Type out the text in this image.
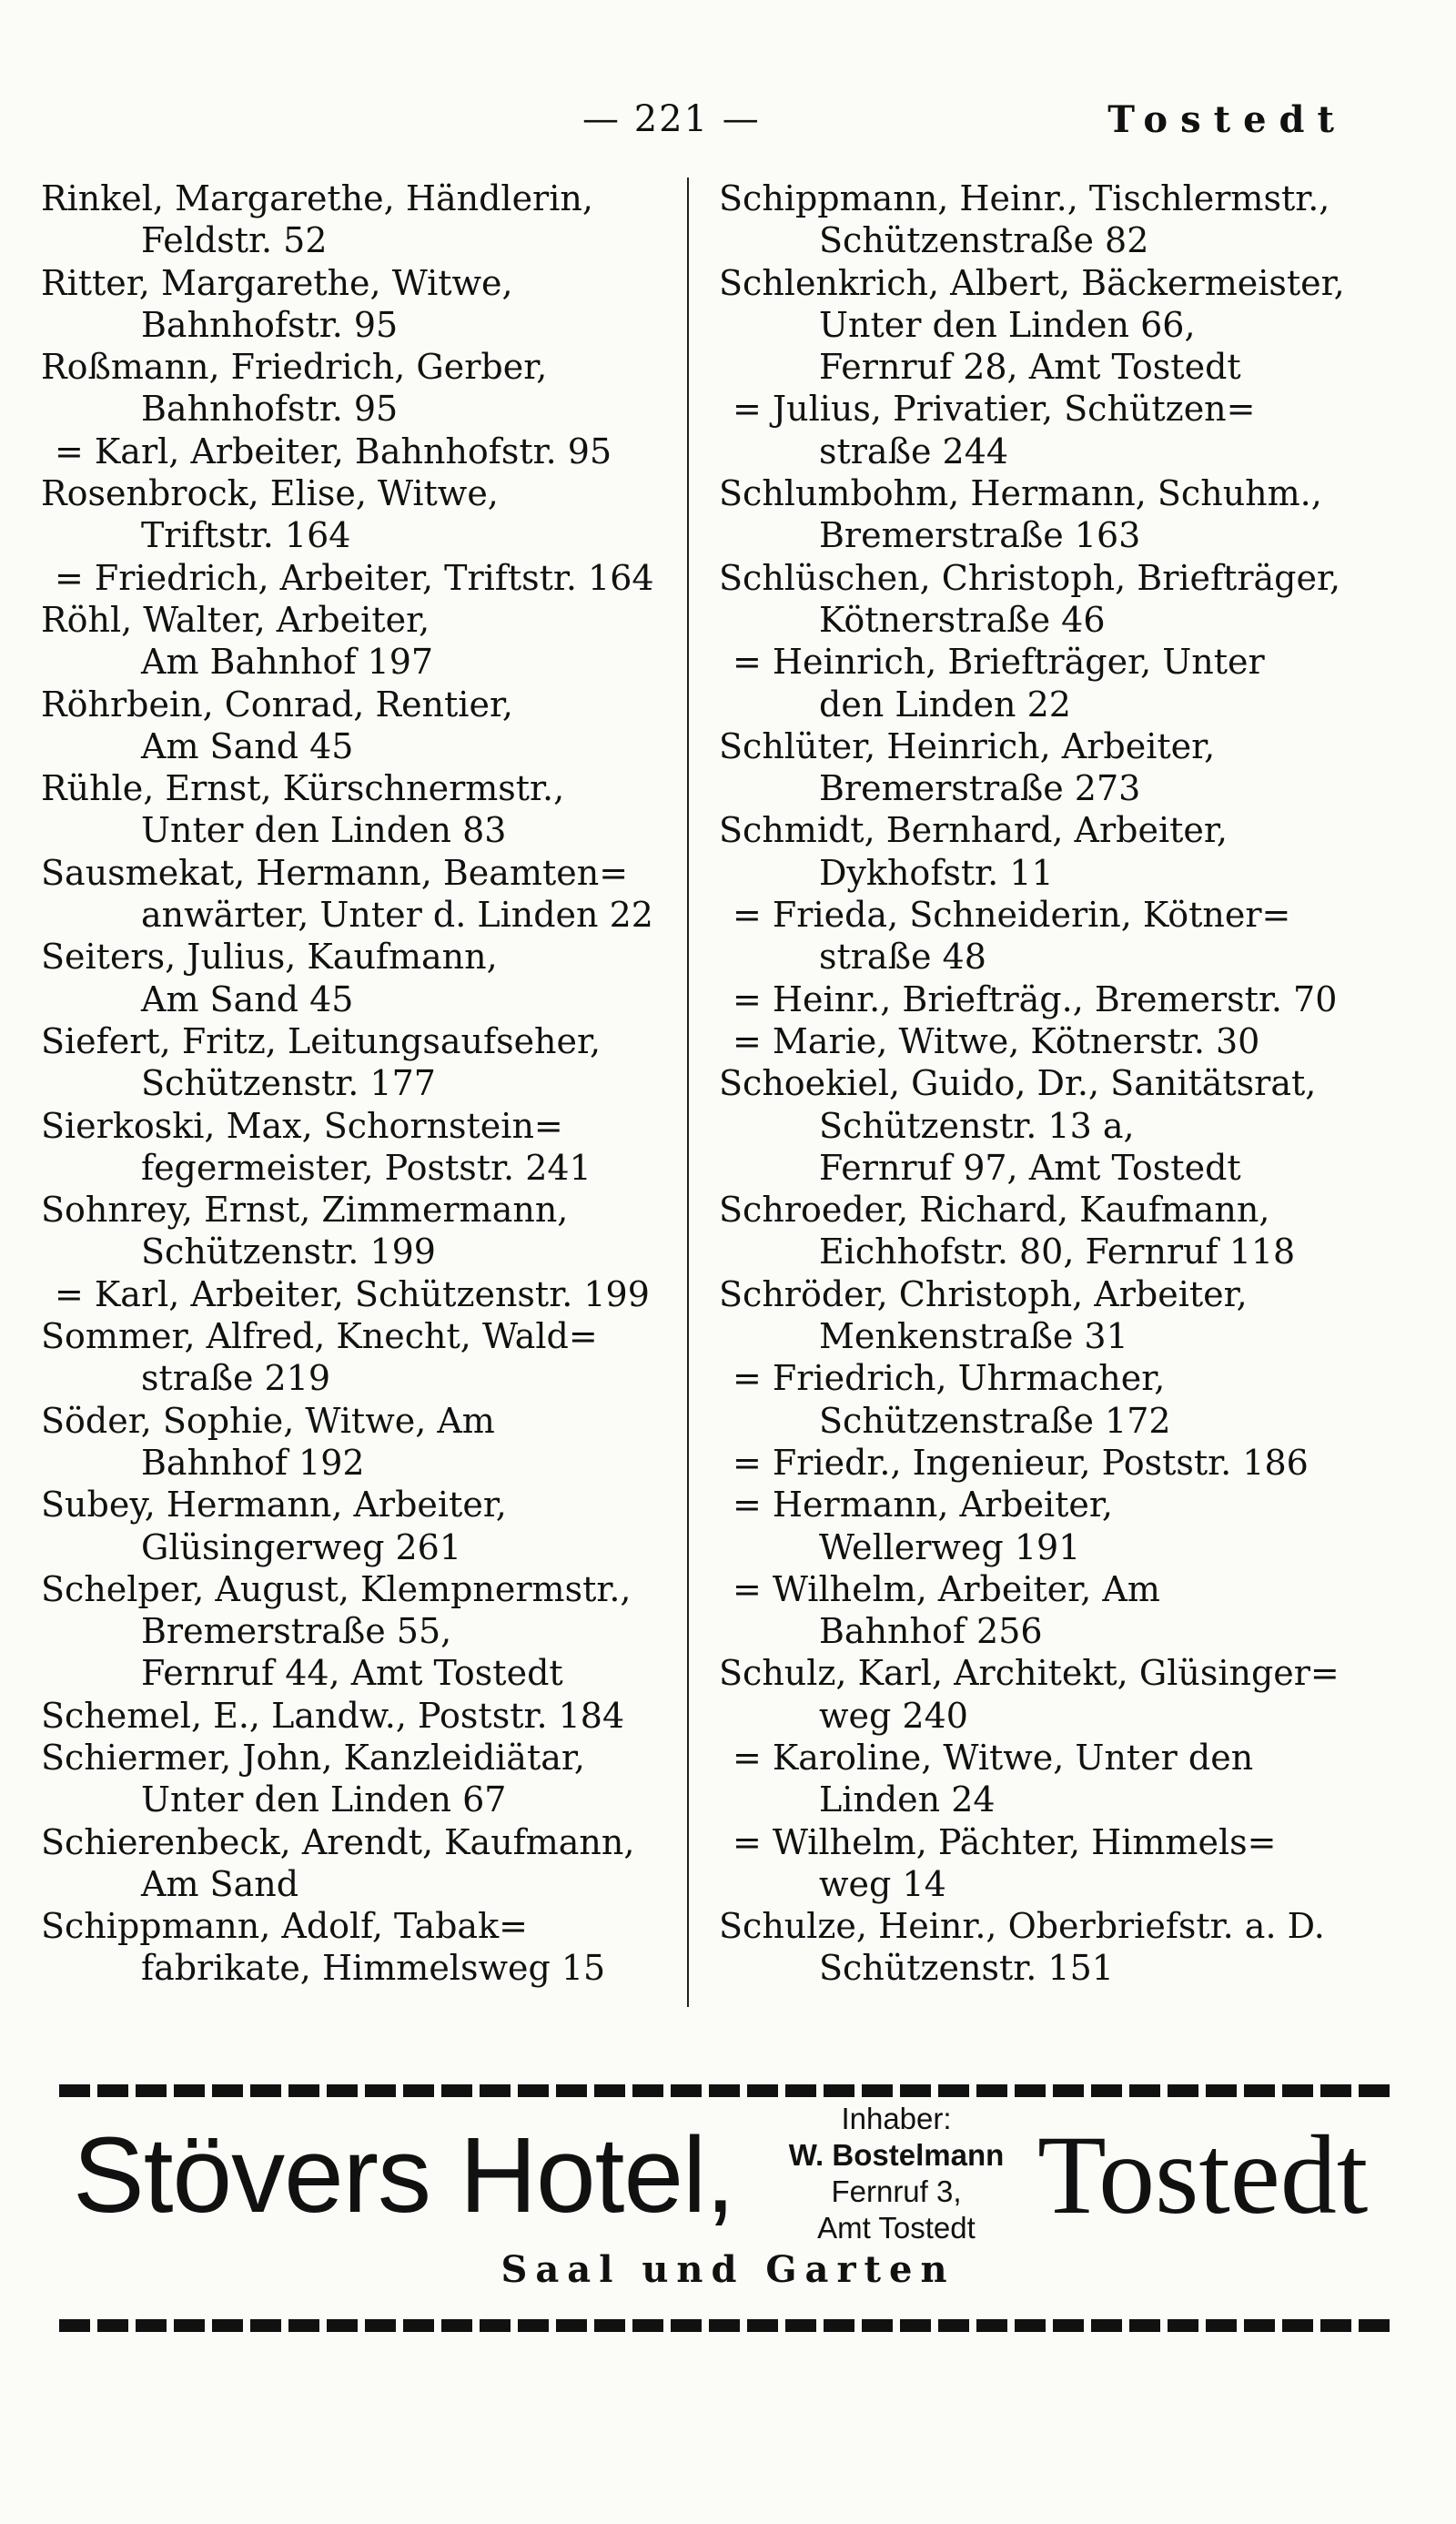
— 221 —	Tostedt
Rinkel, Margarethe, Händlerin,
Feldstr. 52
Ritter, Margarethe, Witwe,
Bahnhofstr. 95
Roßmann, Friedrich, Gerber,
Bahnhofstr. 95
= Karl, Arbeiter, Bahnhofstr. 95
Rosenbrock, Elise, Witwe,
Triftstr. 164
= Friedrich, Arbeiter, Triftstr. 164
Röhl, Walter, Arbeiter,
Am Bahnhof 197
Röhrbein, Conrad, Rentier,
Am Sand 45
Rühle, Ernst, Kürschnermstr.,
Unter den Linden 83
Sausmekat, Hermann, Beamten=
anwärter, Unter d. Linden 22
Seiters, Julius, Kaufmann,
Am Sand 45
Siefert, Fritz, Leitungsaufseher,
Schützenstr. 177
Sierkoski, Max, Schornstein=
fegermeister, Poststr. 241
Sohnrey, Ernst, Zimmermann,
Schützenstr. 199
= Karl, Arbeiter, Schützenstr. 199
Sommer, Alfred, Knecht, Wald=
straße 219
Söder, Sophie, Witwe, Am
Bahnhof 192
Subey, Hermann, Arbeiter,
Glüsingerweg 261
Schelper, August, Klempnermstr.,
Bremerstraße 55,
Fernruf 44, Amt Tostedt
Schemel, E., Landw., Poststr. 184
Schiermer, John, Kanzleidiätar,
Unter den Linden 67
Schierenbeck, Arendt, Kaufmann,
Am Sand
Schippmann, Adolf, Tabak=
fabrikate, Himmelsweg 15
Schippmann, Heinr., Tischlermstr.,
Schützenstraße 82
Schlenkrich, Albert, Bäckermeister,
Unter den Linden 66,
Fernruf 28, Amt Tostedt
= Julius, Privatier, Schützen=
straße 244
Schlumbohm, Hermann, Schuhm.,
Bremerstraße 163
Schlüschen, Christoph, Briefträger,
Kötnerstraße 46
= Heinrich, Briefträger, Unter
den Linden 22
Schlüter, Heinrich, Arbeiter,
Bremerstraße 273
Schmidt, Bernhard, Arbeiter,
Dykhofstr. 11
= Frieda, Schneiderin, Kötner=
straße 48
= Heinr., Briefträg., Bremerstr. 70
= Marie, Witwe, Kötnerstr. 30
Schoekiel, Guido, Dr., Sanitätsrat,
Schützenstr. 13 a,
Fernruf 97, Amt Tostedt
Schroeder, Richard, Kaufmann,
Eichhofstr. 80, Fernruf 118
Schröder, Christoph, Arbeiter,
Menkenstraße 31
= Friedrich, Uhrmacher,
Schützenstraße 172
= Friedr., Ingenieur, Poststr. 186
= Hermann, Arbeiter,
Wellerweg 191
= Wilhelm, Arbeiter, Am
Bahnhof 256
Schulz, Karl, Architekt, Glüsinger=
weg 240
= Karoline, Witwe, Unter den
Linden 24
= Wilhelm, Pächter, Himmels=
weg 14
Schulze, Heinr., Oberbriefstr. a. D.
Schützenstr. 151
Stövers Hotel,	Inhaber:
W. Bostelmann
Fernruf 3,
Amt Tostedt Tostedt
Saal und Garten
